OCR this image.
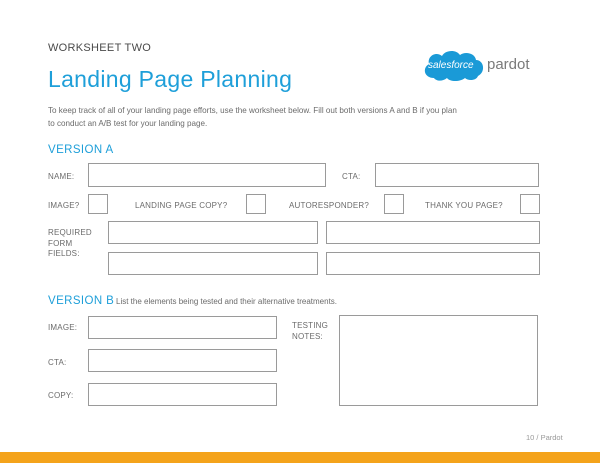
WORKSHEET TWO
Landing Page Planning
salesforce pardot
To keep track of all of your landing page efforts, use the worksheet below. Fill out both versions A and B if you plan
to conduct an A/B test for your landing page.
VERSION A
NAME:	CTA:
IMAGE?	LANDING PAGE COPY?	AUTORESPONDER?	THANK YOU PAGE?
REQUIRED
FORM
FIELDS:
VERSION B List the elements being tested and their alternative treatments.
IMAGE:
CTA:
COPY:
TESTING
NOTES:
10 / Pardot
